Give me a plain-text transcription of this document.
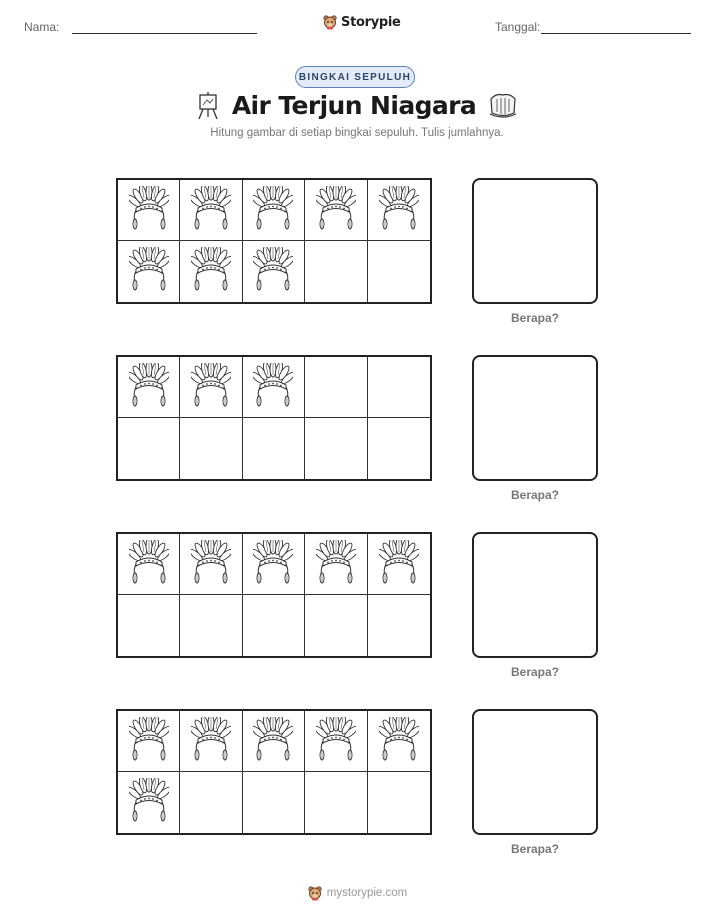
Nama:	Storypie	Tanggal:
BINGKAI SEPULUH
Air Terjun Niagara
Hitung gambar di setiap bingkai sepuluh. Tulis jumlahnya.
Berapa?
Berapa?
Berapa?
Berapa?
mystorypie.com
